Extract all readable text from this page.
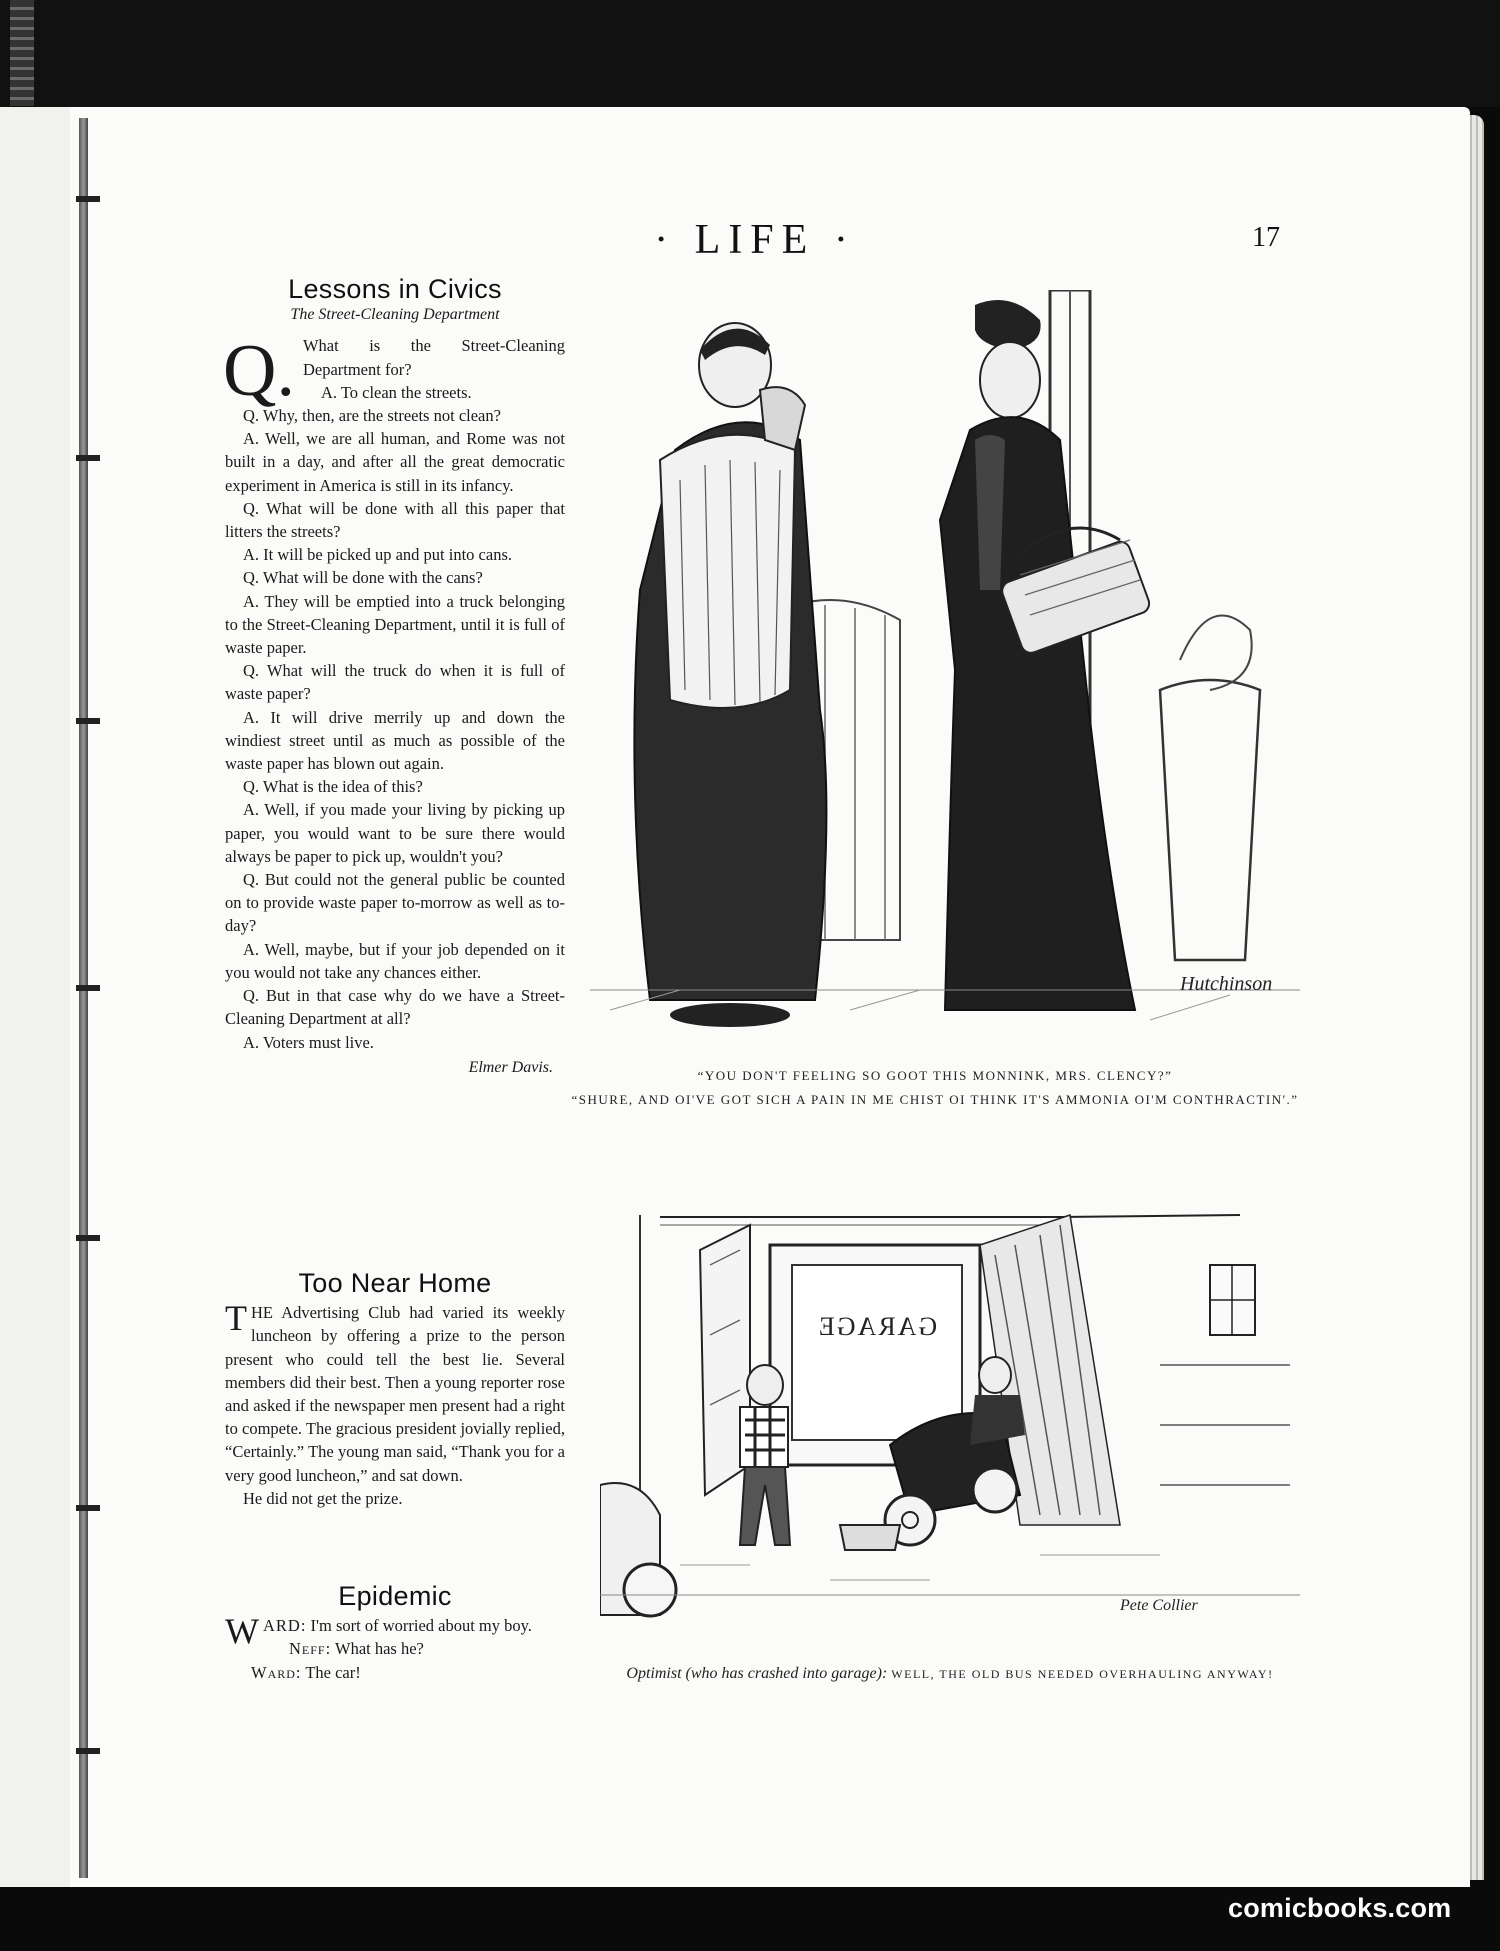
· LIFE ·	17
Lessons in Civics
The Street-Cleaning Department

Q. What is the Street-Cleaning Department for?

A. To clean the streets.

Q. Why, then, are the streets not clean?

A. Well, we are all human, and Rome was not built in a day, and after all the great democratic experiment in America is still in its infancy.

Q. What will be done with all this paper that litters the streets?

A. It will be picked up and put into cans.

Q. What will be done with the cans?

A. They will be emptied into a truck belonging to the Street-Cleaning Department, until it is full of waste paper.

Q. What will the truck do when it is full of waste paper?

A. It will drive merrily up and down the windiest street until as much as possible of the waste paper has blown out again.

Q. What is the idea of this?

A. Well, if you made your living by picking up paper, you would want to be sure there would always be paper to pick up, wouldn't you?

Q. But could not the general public be counted on to provide waste paper to-morrow as well as to-day?

A. Well, maybe, but if your job depended on it you would not take any chances either.

Q. But in that case why do we have a Street-Cleaning Department at all?

A. Voters must live.

Elmer Davis.
Too Near Home

THE Advertising Club had varied its weekly luncheon by offering a prize to the person present who could tell the best lie. Several members did their best. Then a young reporter rose and asked if the newspaper men present had a right to compete. The gracious president jovially replied, “Certainly.” The young man said, “Thank you for a very good luncheon,” and sat down.

He did not get the prize.

Epidemic

WARD: I'm sort of worried about my boy.

Neff: What has he?

Ward: The car!

Hutchinson
“YOU DON'T FEELING SO GOOT THIS MONNINK, MRS. CLENCY?”
“SHURE, AND OI'VE GOT SICH A PAIN IN ME CHIST OI THINK IT'S AMMONIA OI'M CONTHRACTIN'.”
GARAGE
Pete Collier
Optimist (who has crashed into garage): WELL, THE OLD BUS NEEDED OVERHAULING ANYWAY!
comicbooks.com
